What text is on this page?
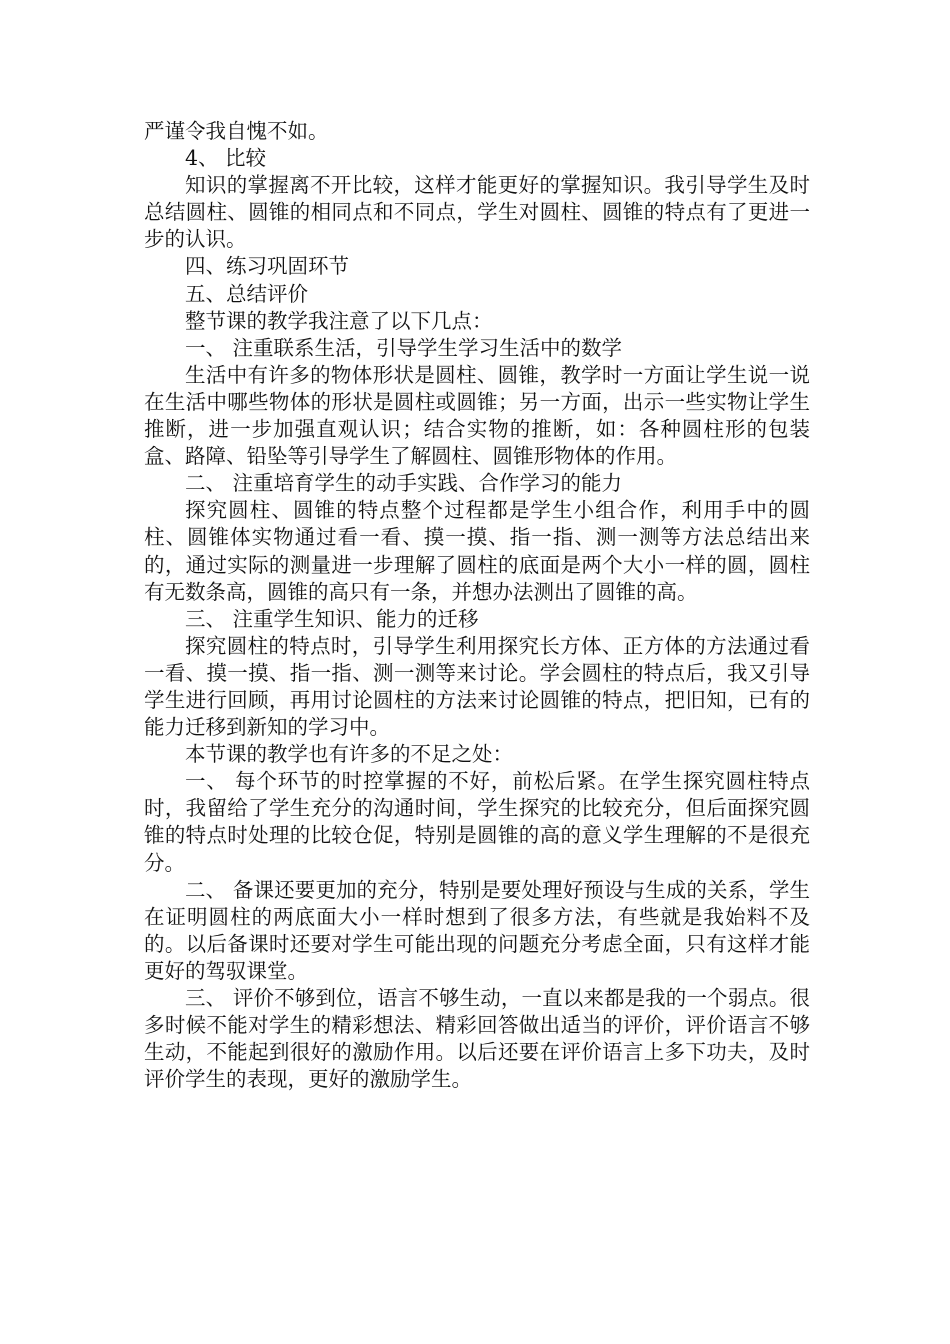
严谨令我自愧不如。

4、 比较

知识的掌握离不开比较，这样才能更好的掌握知识。我引导学生及时总结圆柱、圆锥的相同点和不同点，学生对圆柱、圆锥的特点有了更进一步的认识。

四、练习巩固环节

五、总结评价

整节课的教学我注意了以下几点：

一、 注重联系生活，引导学生学习生活中的数学

生活中有许多的物体形状是圆柱、圆锥，教学时一方面让学生说一说在生活中哪些物体的形状是圆柱或圆锥；另一方面，出示一些实物让学生推断，进一步加强直观认识；结合实物的推断，如：各种圆柱形的包装盒、路障、铅坠等引导学生了解圆柱、圆锥形物体的作用。

二、 注重培育学生的动手实践、合作学习的能力

探究圆柱、圆锥的特点整个过程都是学生小组合作，利用手中的圆柱、圆锥体实物通过看一看、摸一摸、指一指、测一测等方法总结出来的，通过实际的测量进一步理解了圆柱的底面是两个大小一样的圆，圆柱有无数条高，圆锥的高只有一条，并想办法测出了圆锥的高。

三、 注重学生知识、能力的迁移

探究圆柱的特点时，引导学生利用探究长方体、正方体的方法通过看一看、摸一摸、指一指、测一测等来讨论。学会圆柱的特点后，我又引导学生进行回顾，再用讨论圆柱的方法来讨论圆锥的特点，把旧知，已有的能力迁移到新知的学习中。

本节课的教学也有许多的不足之处：

一、 每个环节的时控掌握的不好，前松后紧。在学生探究圆柱特点时，我留给了学生充分的沟通时间，学生探究的比较充分，但后面探究圆锥的特点时处理的比较仓促，特别是圆锥的高的意义学生理解的不是很充分。

二、 备课还要更加的充分，特别是要处理好预设与生成的关系，学生在证明圆柱的两底面大小一样时想到了很多方法，有些就是我始料不及的。以后备课时还要对学生可能出现的问题充分考虑全面，只有这样才能更好的驾驭课堂。

三、 评价不够到位，语言不够生动，一直以来都是我的一个弱点。很多时候不能对学生的精彩想法、精彩回答做出适当的评价，评价语言不够生动，不能起到很好的激励作用。以后还要在评价语言上多下功夫，及时评价学生的表现，更好的激励学生。
